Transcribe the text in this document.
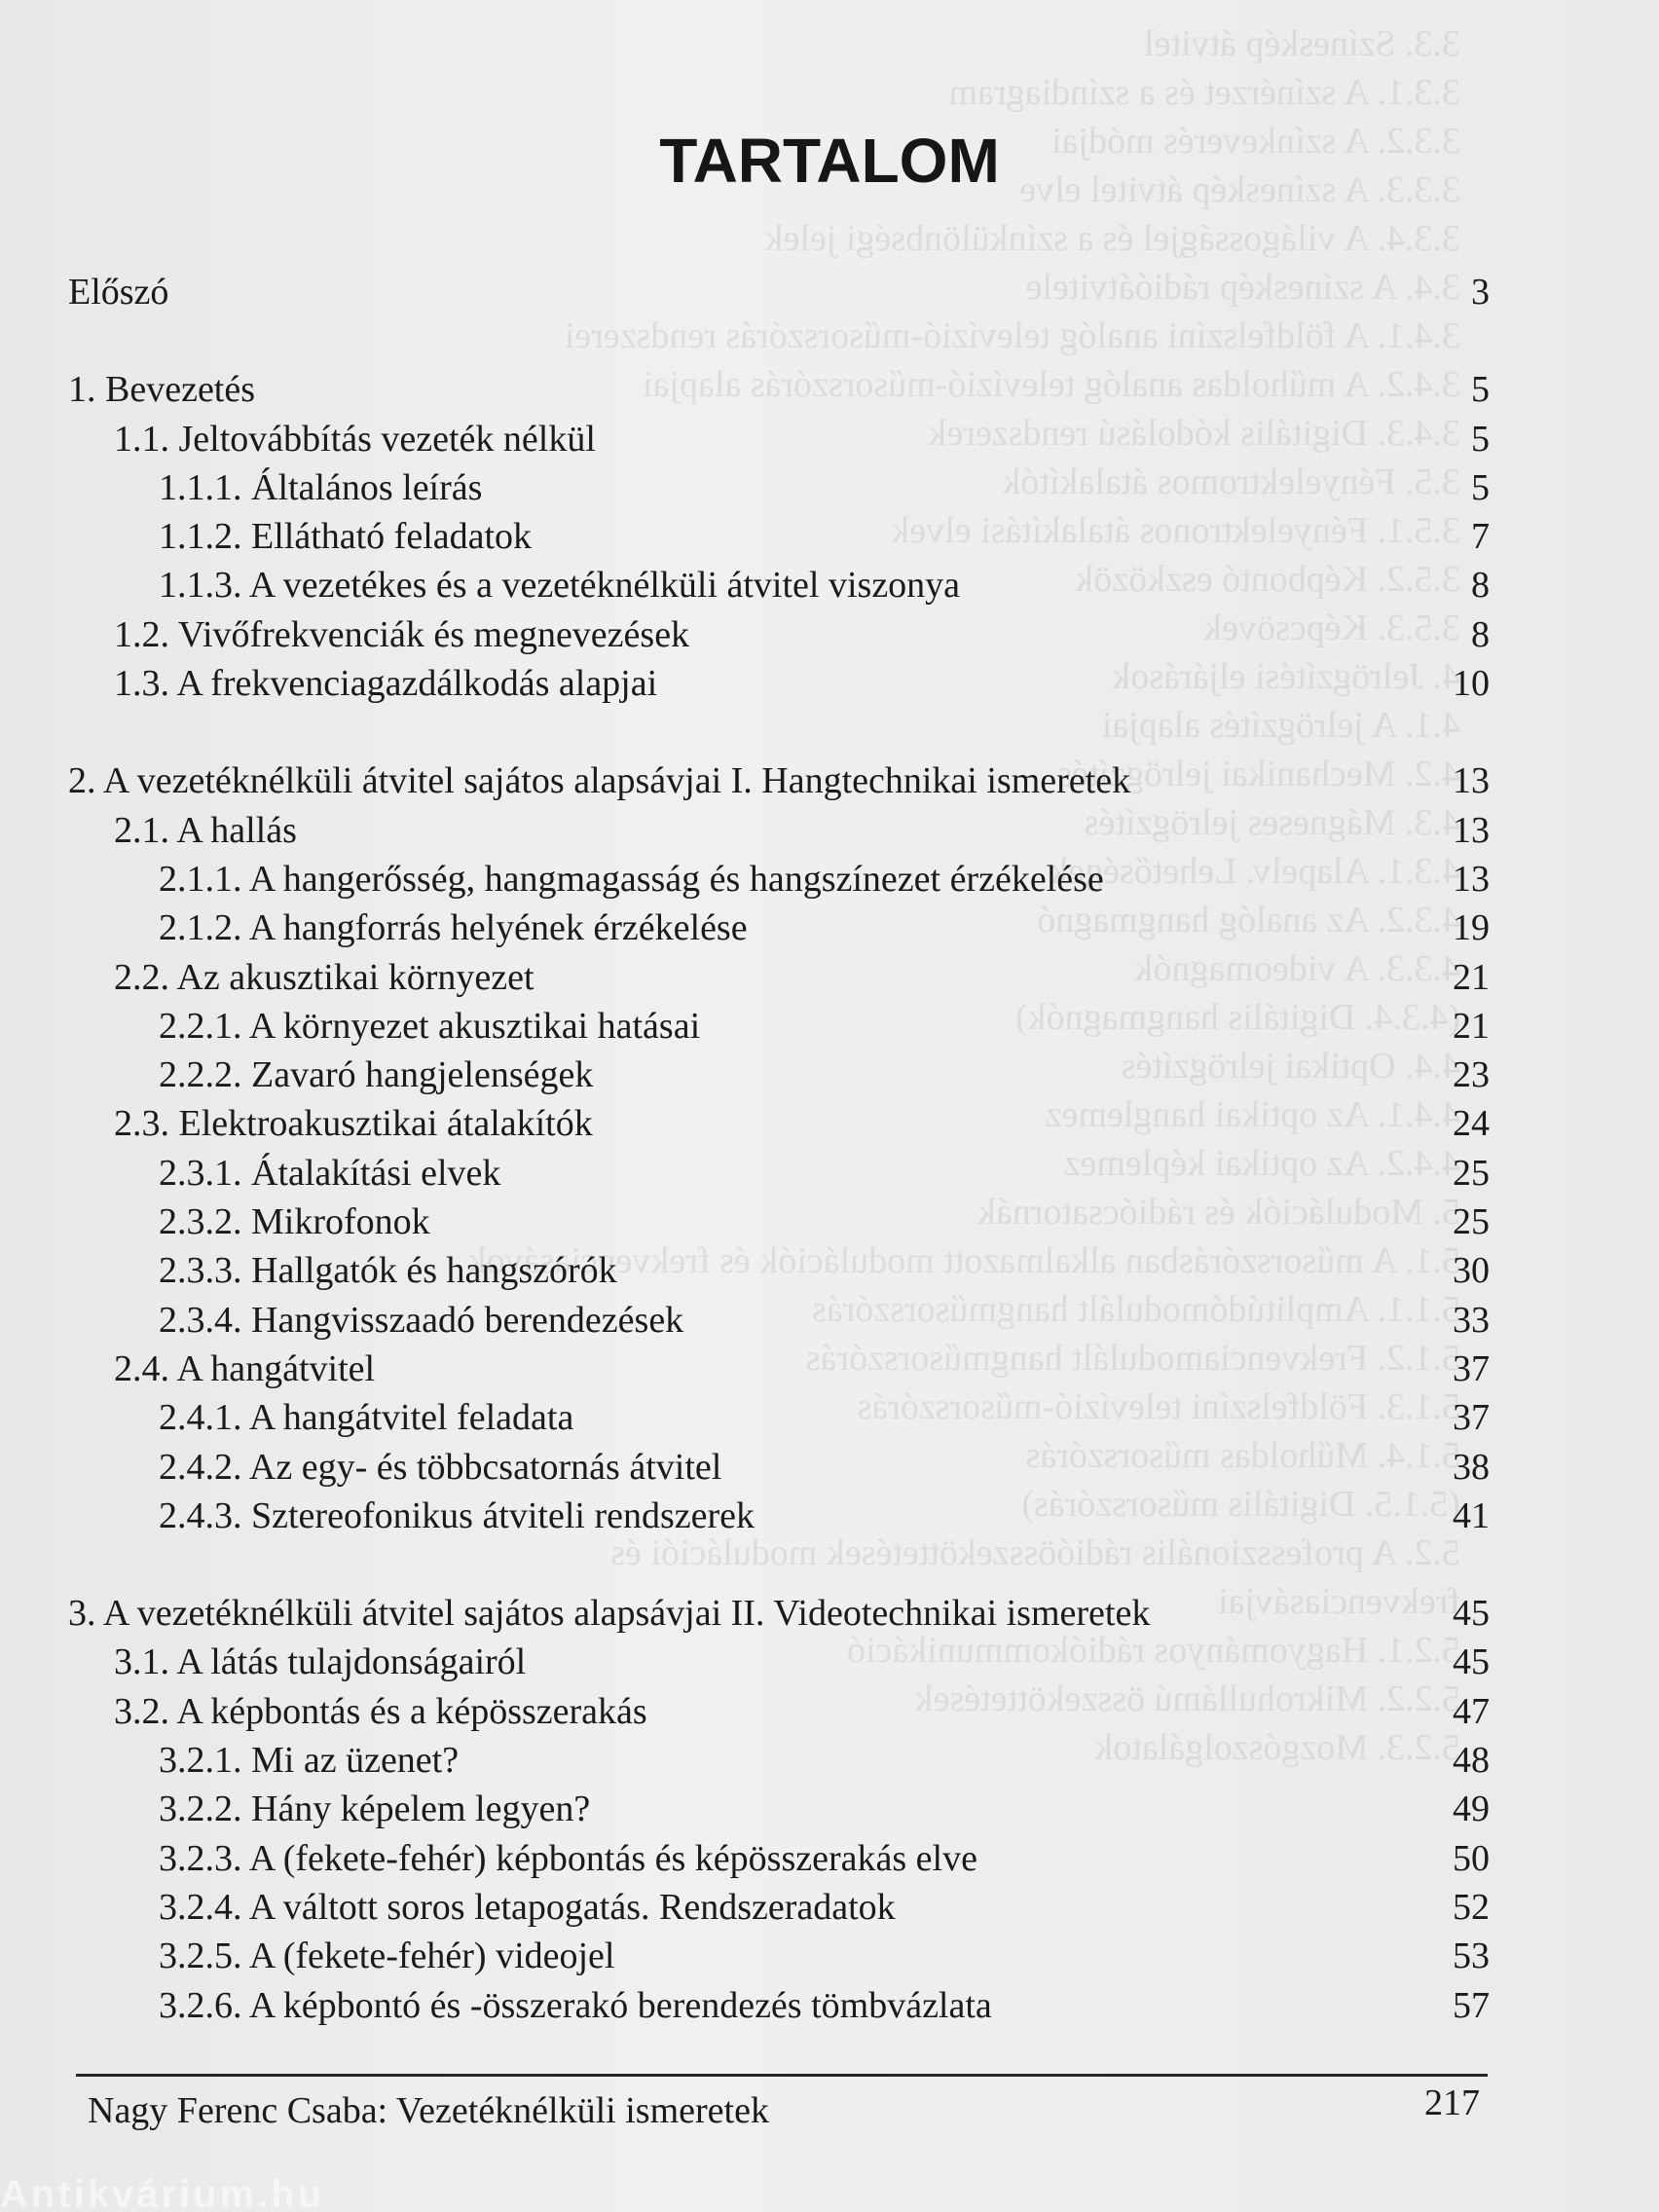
3.3. Színeskép átvitel
3.3.1. A színérzet és a színdiagram
3.3.2. A színkeverés módjai
3.3.3. A színeskép átvitel elve
3.3.4. A világosságjel és a színkülönbségi jelek
3.4. A színeskép rádióátvitele
3.4.1. A földfelszíni analóg televízió-műsorszórás rendszerei
3.4.2. A műholdas analóg televízió-műsorszórás alapjai
3.4.3. Digitális kódolású rendszerek
3.5. Fényelektromos átalakítók
3.5.1. Fényelektronos átalakítási elvek
3.5.2. Képbontó eszközök
3.5.3. Képcsövek
4. Jelrögzítési eljárások
4.1. A jelrögzítés alapjai
4.2. Mechanikai jelrögzítés
4.3. Mágneses jelrögzítés
4.3.1. Alapelv. Lehetőségek
4.3.2. Az analóg hangmagnó
4.3.3. A videomagnók
(4.3.4. Digitális hangmagnók)
4.4. Optikai jelrögzítés
4.4.1. Az optikai hanglemez
4.4.2. Az optikai képlemez
5. Modulációk és rádiócsatornák
5.1. A műsorszórásban alkalmazott modulációk és frekvenciasávok
5.1.1. Amplitúdómodulált hangműsorszórás
5.1.2. Frekvenciamodulált hangműsorszórás
5.1.3. Földfelszíni televízió-műsorszórás
5.1.4. Műholdas műsorszórás
(5.1.5. Digitális műsorszórás)
5.2. A professzionális rádióösszeköttetések modulációi és
frekvenciasávjai
5.2.1. Hagyományos rádiókommunikáció
5.2.2. Mikrohullámú összeköttetések
5.2.3. Mozgószolgálatok
TARTALOM
Előszó	3
1. Bevezetés	5
1.1. Jeltovábbítás vezeték nélkül	5
1.1.1. Általános leírás	5
1.1.2. Ellátható feladatok	7
1.1.3. A vezetékes és a vezetéknélküli átvitel viszonya	8
1.2. Vivőfrekvenciák és megnevezések	8
1.3. A frekvenciagazdálkodás alapjai	10
2. A vezetéknélküli átvitel sajátos alapsávjai I. Hangtechnikai ismeretek	13
2.1. A hallás	13
2.1.1. A hangerősség, hangmagasság és hangszínezet érzékelése	13
2.1.2. A hangforrás helyének érzékelése	19
2.2. Az akusztikai környezet	21
2.2.1. A környezet akusztikai hatásai	21
2.2.2. Zavaró hangjelenségek	23
2.3. Elektroakusztikai átalakítók	24
2.3.1. Átalakítási elvek	25
2.3.2. Mikrofonok	25
2.3.3. Hallgatók és hangszórók	30
2.3.4. Hangvisszaadó berendezések	33
2.4. A hangátvitel	37
2.4.1. A hangátvitel feladata	37
2.4.2. Az egy- és többcsatornás átvitel	38
2.4.3. Sztereofonikus átviteli rendszerek	41
3. A vezetéknélküli átvitel sajátos alapsávjai II. Videotechnikai ismeretek	45
3.1. A látás tulajdonságairól	45
3.2. A képbontás és a képösszerakás	47
3.2.1. Mi az üzenet?	48
3.2.2. Hány képelem legyen?	49
3.2.3. A (fekete-fehér) képbontás és képösszerakás elve	50
3.2.4. A váltott soros letapogatás. Rendszeradatok	52
3.2.5. A (fekete-fehér) videojel	53
3.2.6. A képbontó és -összerakó berendezés tömbvázlata	57
Nagy Ferenc Csaba: Vezetéknélküli ismeretek	217
Antikvárium.hu
